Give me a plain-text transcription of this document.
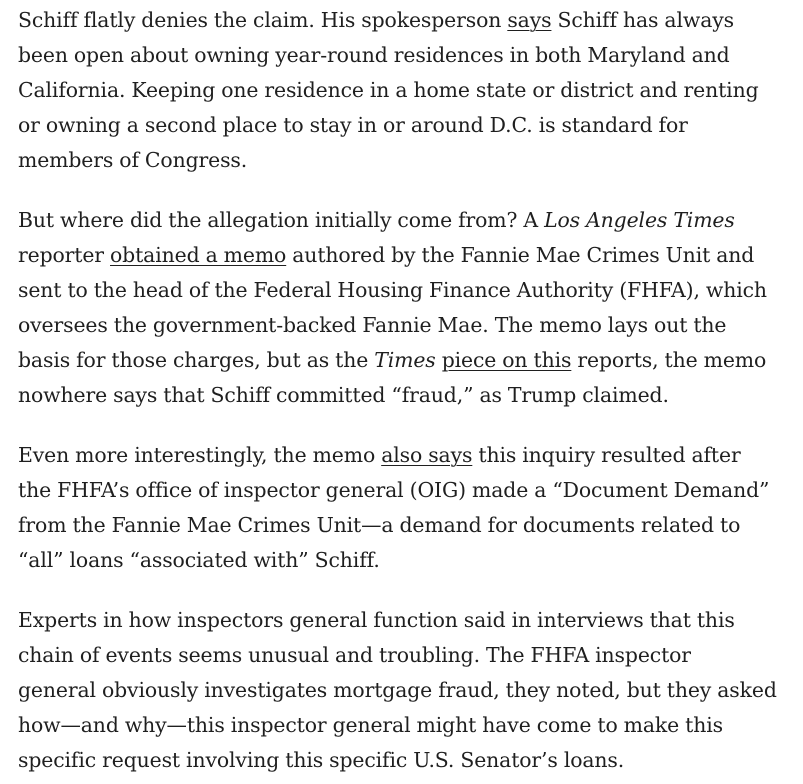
Schiff flatly denies the claim. His spokesperson says Schiff has always
been open about owning year-round residences in both Maryland and
California. Keeping one residence in a home state or district and renting
or owning a second place to stay in or around D.C. is standard for
members of Congress.

But where did the allegation initially come from? A Los Angeles Times
reporter obtained a memo authored by the Fannie Mae Crimes Unit and
sent to the head of the Federal Housing Finance Authority (FHFA), which
oversees the government-backed Fannie Mae. The memo lays out the
basis for those charges, but as the Times piece on this reports, the memo
nowhere says that Schiff committed “fraud,” as Trump claimed.

Even more interestingly, the memo also says this inquiry resulted after
the FHFA’s office of inspector general (OIG) made a “Document Demand”
from the Fannie Mae Crimes Unit—a demand for documents related to
“all” loans “associated with” Schiff.

Experts in how inspectors general function said in interviews that this
chain of events seems unusual and troubling. The FHFA inspector
general obviously investigates mortgage fraud, they noted, but they asked
how—and why—this inspector general might have come to make this
specific request involving this specific U.S. Senator’s loans.
